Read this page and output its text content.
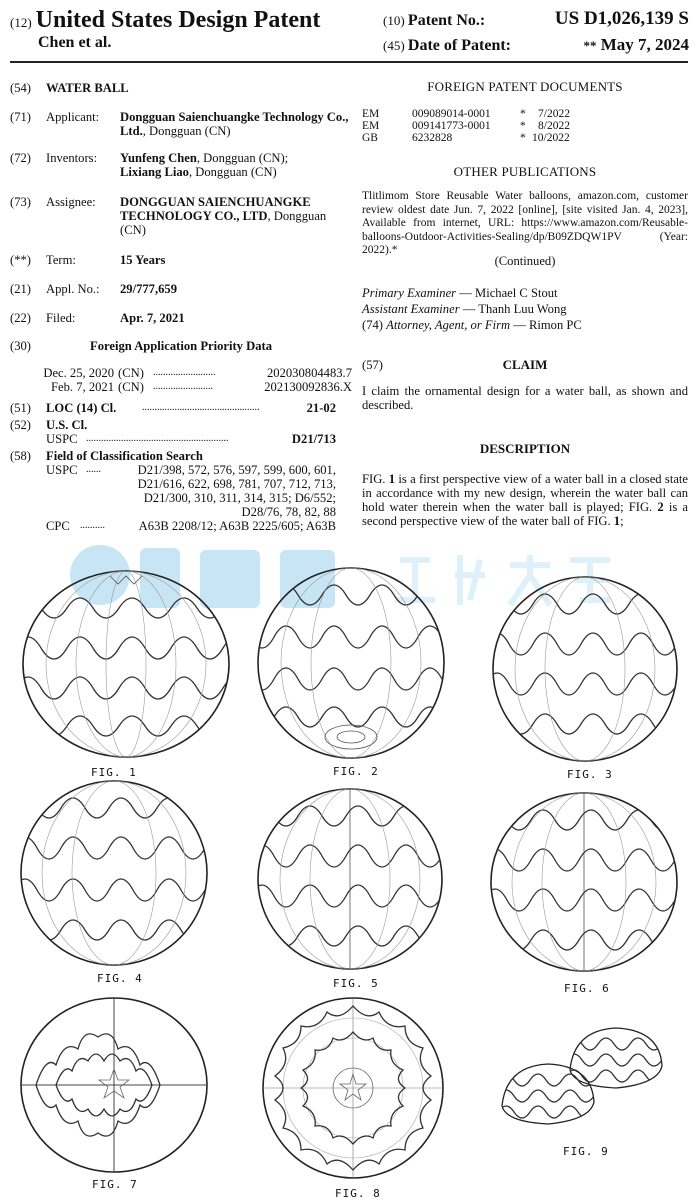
(12) United States Design Patent
Chen et al.
(10) Patent No.:	US D1,026,139 S
(45) Date of Patent:	** May 7, 2024
(54)	WATER BALL
(71)	Applicant:	Dongguan Saienchuangke Technology Co., Ltd., Dongguan (CN)
(72)	Inventors:	Yunfeng Chen, Dongguan (CN);
Lixiang Liao, Dongguan (CN)
(73)	Assignee:	DONGGUAN SAIENCHUANGKE TECHNOLOGY CO., LTD, Dongguan (CN)
(**)	Term:	15 Years
(21)	Appl. No.:	29/777,659
(22)	Filed:	Apr. 7, 2021
(30)	Foreign Application Priority Data
Dec. 25, 2020 (CN) .........................	202030804483.7
Feb. 7, 2021 (CN) ........................	202130092836.X
(51)	LOC (14) Cl.	...............................................	21-02
(52)	U.S. Cl.
USPC .........................................................	D21/713
(58)	Field of Classification Search
USPC ......	D21/398, 572, 576, 597, 599, 600, 601,
D21/616, 622, 698, 781, 707, 712, 713,
D21/300, 310, 311, 314, 315; D6/552;
D28/76, 78, 82, 88
CPC ..........	A63B 2208/12; A63B 2225/605; A63B
FOREIGN PATENT DOCUMENTS
EM	009089014-0001	* 7/2022
EM	009141773-0001	* 8/2022
GB	6232828	* 10/2022
OTHER PUBLICATIONS
Tlitlimom Store Reusable Water balloons, amazon.com, customer review oldest date Jun. 7, 2022 [online], [site visited Jan. 4, 2023], Available from internet, URL: https://www.amazon.com/Reusable-balloons-Outdoor-Activities-Sealing/dp/B09ZDQW1PV (Year: 2022).*
(Continued)
Primary Examiner — Michael C Stout
Assistant Examiner — Thanh Luu Wong
(74) Attorney, Agent, or Firm — Rimon PC
(57)	CLAIM
I claim the ornamental design for a water ball, as shown and described.
DESCRIPTION
FIG. 1 is a first perspective view of a water ball in a closed state in accordance with my new design, wherein the water ball can hold water therein when the water ball is played; FIG. 2 is a second perspective view of the water ball of FIG. 1;
FIG. 1	FIG. 2	FIG. 3
FIG. 4	FIG. 5	FIG. 6
FIG. 7
FIG. 8
FIG. 9
